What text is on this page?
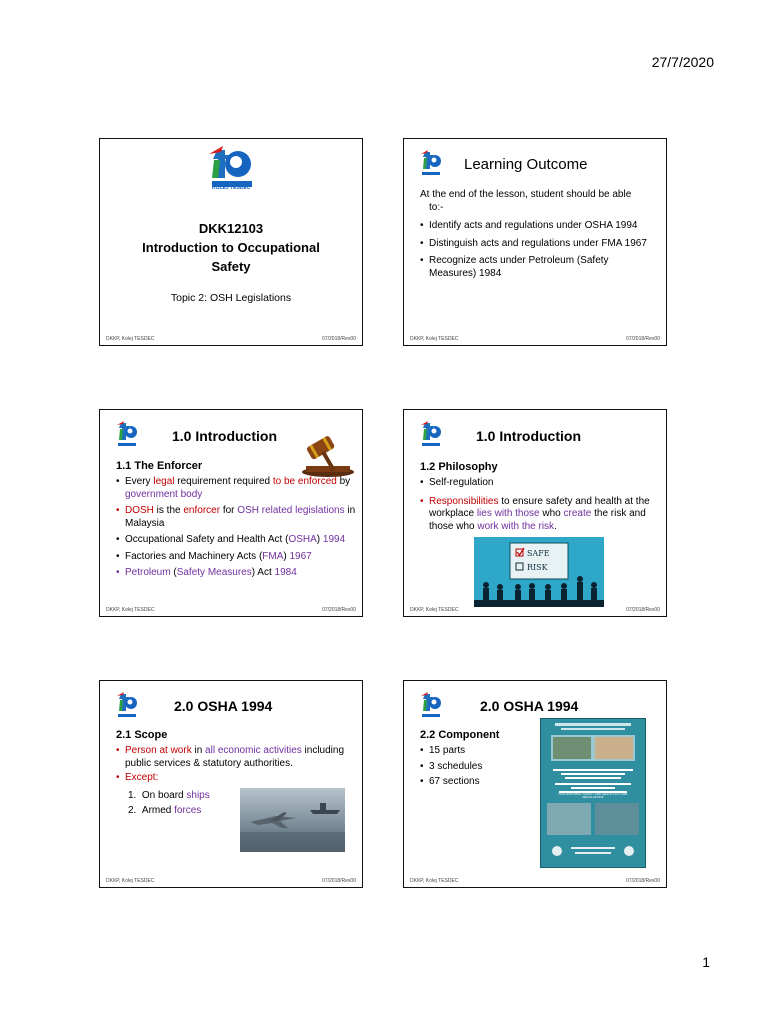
27/7/2020
KOLEJ TESDEC
DKK12103
Introduction to Occupational
Safety
Topic 2: OSH Legislations
DKKP, Kolej TESDEC	07/2018/Rev00
Learning Outcome
At the end of the lesson, student should be able
to:-
• Identify acts and regulations under OSHA 1994
• Distinguish acts and regulations under FMA 1967
• Recognize acts under Petroleum (Safety Measures) 1984
DKKP, Kolej TESDEC	07/2018/Rev00
1.0 Introduction
1.1 The Enforcer
• Every legal requirement required to be enforced by government body
• DOSH is the enforcer for OSH related legislations in Malaysia
• Occupational Safety and Health Act (OSHA) 1994
• Factories and Machinery Acts (FMA) 1967
• Petroleum (Safety Measures) Act 1984
DKKP, Kolej TESDEC	07/2018/Rev00
1.0 Introduction
1.2 Philosophy
• Self-regulation
• Responsibilities to ensure safety and health at the workplace lies with those who create the risk and those who work with the risk.
SAFE
RISK
DKKP, Kolej TESDEC	07/2018/Rev00
2.0 OSHA 1994
2.1 Scope
• Person at work in all economic activities including public services & statutory authorities.
• Except:
1. On board ships
2. Armed forces
DKKP, Kolej TESDEC	07/2018/Rev00
2.0 OSHA 1994
2.2 Component
• 15 parts
• 3 schedules
• 67 sections
OCCUPATIONAL SAFETY AND HEALTH ACT AND REGULATIONS
DKKP, Kolej TESDEC	07/2018/Rev00
1
